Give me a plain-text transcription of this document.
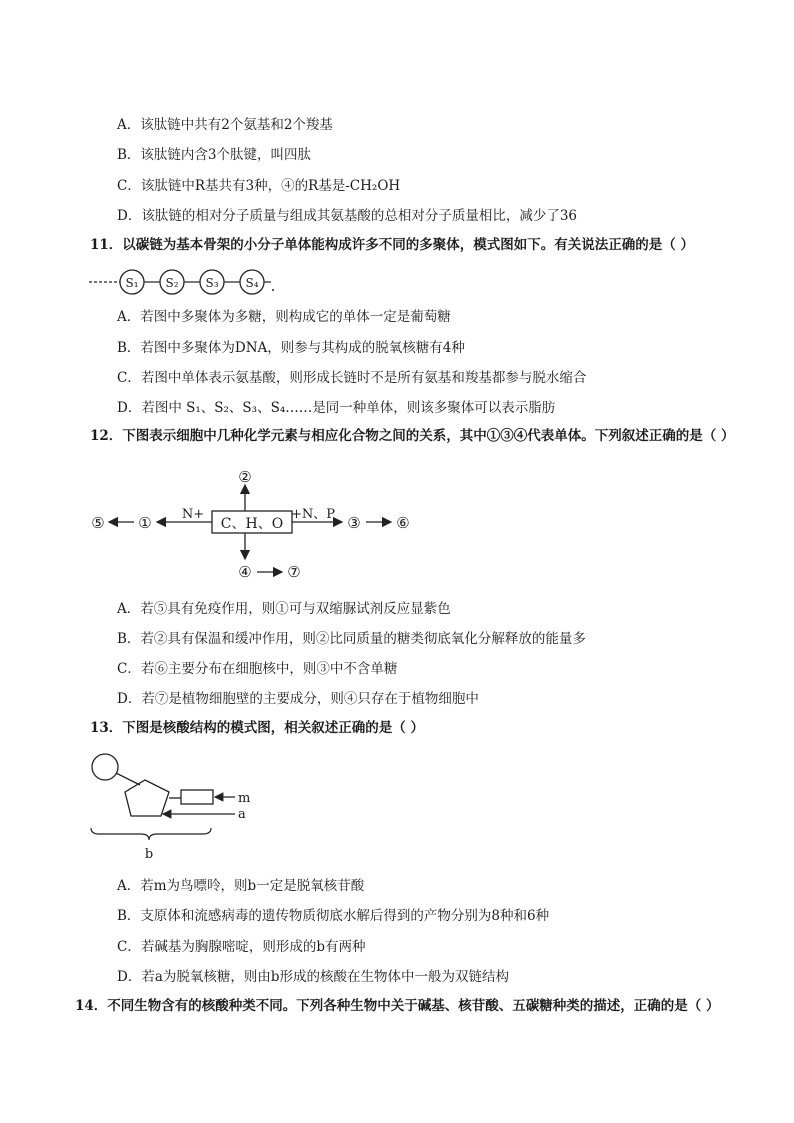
A．该肽链中共有2个氨基和2个羧基
B．该肽链内含3个肽键，叫四肽
C．该肽链中R基共有3种，④的R基是-CH₂OH
D．该肽链的相对分子质量与组成其氨基酸的总相对分子质量相比，减少了36
11．以碳链为基本骨架的小分子单体能构成许多不同的多聚体，模式图如下。有关说法正确的是（ ）
S₁ S₂ S₃ S₄
A．若图中多聚体为多糖，则构成它的单体一定是葡萄糖
B．若图中多聚体为DNA，则参与其构成的脱氧核糖有4种
C．若图中单体表示氨基酸，则形成长链时不是所有氨基和羧基都参与脱水缩合
D．若图中 S₁、S₂、S₃、S₄……是同一种单体，则该多聚体可以表示脂肪
12．下图表示细胞中几种化学元素与相应化合物之间的关系，其中①③④代表单体。下列叙述正确的是（ ）
C、H、O
②
N+
①
⑤	+N、P ③ ⑥
④ ⑦
A．若⑤具有免疫作用，则①可与双缩脲试剂反应显紫色
B．若②具有保温和缓冲作用，则②比同质量的糖类彻底氧化分解释放的能量多
C．若⑥主要分布在细胞核中，则③中不含单糖
D．若⑦是植物细胞壁的主要成分，则④只存在于植物细胞中
13．下图是核酸结构的模式图，相关叙述正确的是（ ）
m
a
b
A．若m为鸟嘌呤，则b一定是脱氧核苷酸
B．支原体和流感病毒的遗传物质彻底水解后得到的产物分别为8种和6种
C．若碱基为胸腺嘧啶，则形成的b有两种
D．若a为脱氧核糖，则由b形成的核酸在生物体中一般为双链结构
14．不同生物含有的核酸种类不同。下列各种生物中关于碱基、核苷酸、五碳糖种类的描述，正确的是（ ）
